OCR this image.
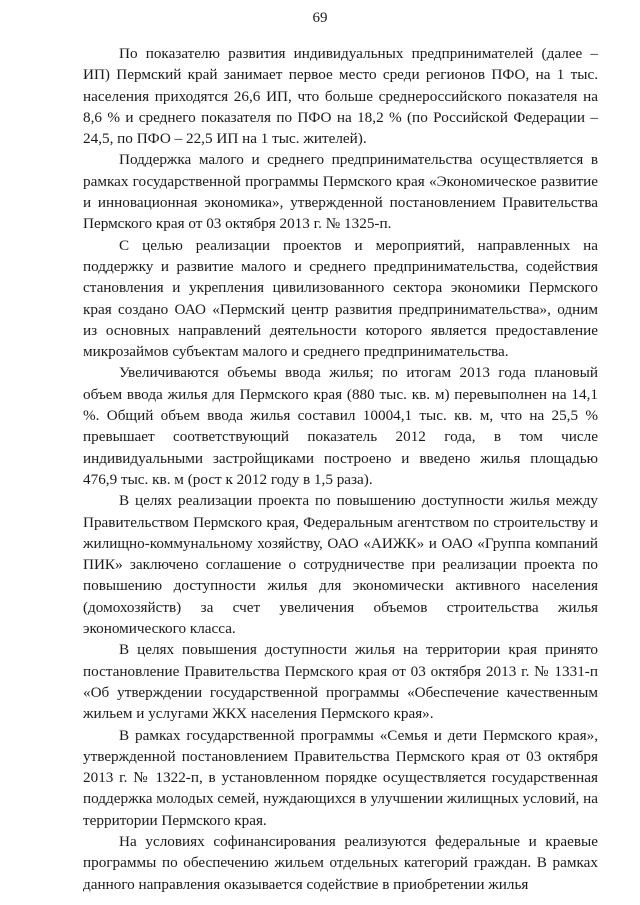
69

По показателю развития индивидуальных предпринимателей (далее – ИП) Пермский край занимает первое место среди регионов ПФО, на 1 тыс. населения приходятся 26,6 ИП, что больше среднероссийского показателя на 8,6 % и среднего показателя по ПФО на 18,2 % (по Российской Федерации – 24,5, по ПФО – 22,5 ИП на 1 тыс. жителей).

Поддержка малого и среднего предпринимательства осуществляется в рамках государственной программы Пермского края «Экономическое развитие и инновационная экономика», утвержденной постановлением Правительства Пермского края от 03 октября 2013 г. № 1325-п.

С целью реализации проектов и мероприятий, направленных на поддержку и развитие малого и среднего предпринимательства, содействия становления и укрепления цивилизованного сектора экономики Пермского края создано ОАО «Пермский центр развития предпринимательства», одним из основных направлений деятельности которого является предоставление микрозаймов субъектам малого и среднего предпринимательства.

Увеличиваются объемы ввода жилья; по итогам 2013 года плановый объем ввода жилья для Пермского края (880 тыс. кв. м) перевыполнен на 14,1 %. Общий объем ввода жилья составил 10004,1 тыс. кв. м, что на 25,5 % превышает соответствующий показатель 2012 года, в том числе индивидуальными застройщиками построено и введено жилья площадью 476,9 тыс. кв. м (рост к 2012 году в 1,5 раза).

В целях реализации проекта по повышению доступности жилья между Правительством Пермского края, Федеральным агентством по строительству и жилищно-коммунальному хозяйству, ОАО «АИЖК» и ОАО «Группа компаний ПИК» заключено соглашение о сотрудничестве при реализации проекта по повышению доступности жилья для экономически активного населения (домохозяйств) за счет увеличения объемов строительства жилья экономического класса.

В целях повышения доступности жилья на территории края принято постановление Правительства Пермского края от 03 октября 2013 г. № 1331-п «Об утверждении государственной программы «Обеспечение качественным жильем и услугами ЖКХ населения Пермского края».

В рамках государственной программы «Семья и дети Пермского края», утвержденной постановлением Правительства Пермского края от 03 октября 2013 г. № 1322-п, в установленном порядке осуществляется государственная поддержка молодых семей, нуждающихся в улучшении жилищных условий, на территории Пермского края.

На условиях софинансирования реализуются федеральные и краевые программы по обеспечению жильем отдельных категорий граждан. В рамках данного направления оказывается содействие в приобретении жилья
